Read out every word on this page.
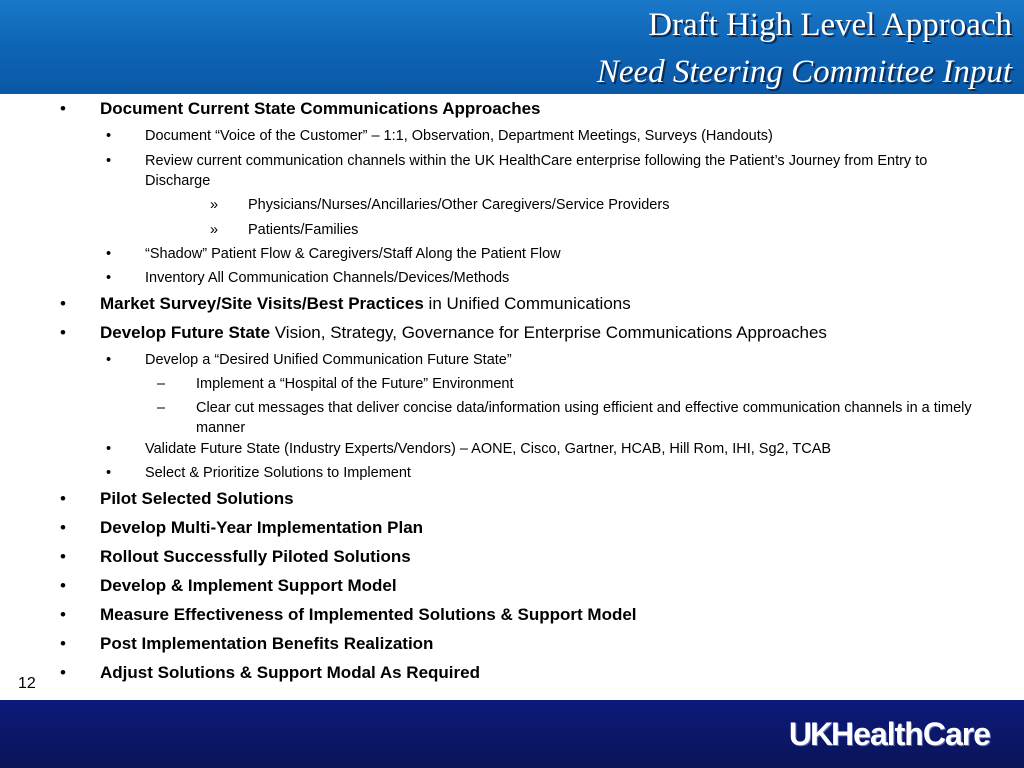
Draft High Level Approach
Need Steering Committee Input
• Document Current State Communications Approaches
• Document “Voice of the Customer” – 1:1, Observation, Department Meetings, Surveys (Handouts)
• Review current communication channels within the UK HealthCare enterprise following the Patient’s Journey from Entry to Discharge
» Physicians/Nurses/Ancillaries/Other Caregivers/Service Providers
» Patients/Families
• “Shadow” Patient Flow & Caregivers/Staff Along the Patient Flow
• Inventory All Communication Channels/Devices/Methods
• Market Survey/Site Visits/Best Practices in Unified Communications
• Develop Future State Vision, Strategy, Governance for Enterprise Communications Approaches
• Develop a “Desired Unified Communication Future State”
– Implement a “Hospital of the Future” Environment
– Clear cut messages that deliver concise data/information using efficient and effective communication channels in a timely manner
• Validate Future State (Industry Experts/Vendors) – AONE, Cisco, Gartner, HCAB, Hill Rom, IHI, Sg2, TCAB
• Select & Prioritize Solutions to Implement
• Pilot Selected Solutions
• Develop Multi-Year Implementation Plan
• Rollout Successfully Piloted Solutions
• Develop & Implement Support Model
• Measure Effectiveness of Implemented Solutions & Support Model
• Post Implementation Benefits Realization
• Adjust Solutions & Support Modal As Required
12
UK HealthCare
